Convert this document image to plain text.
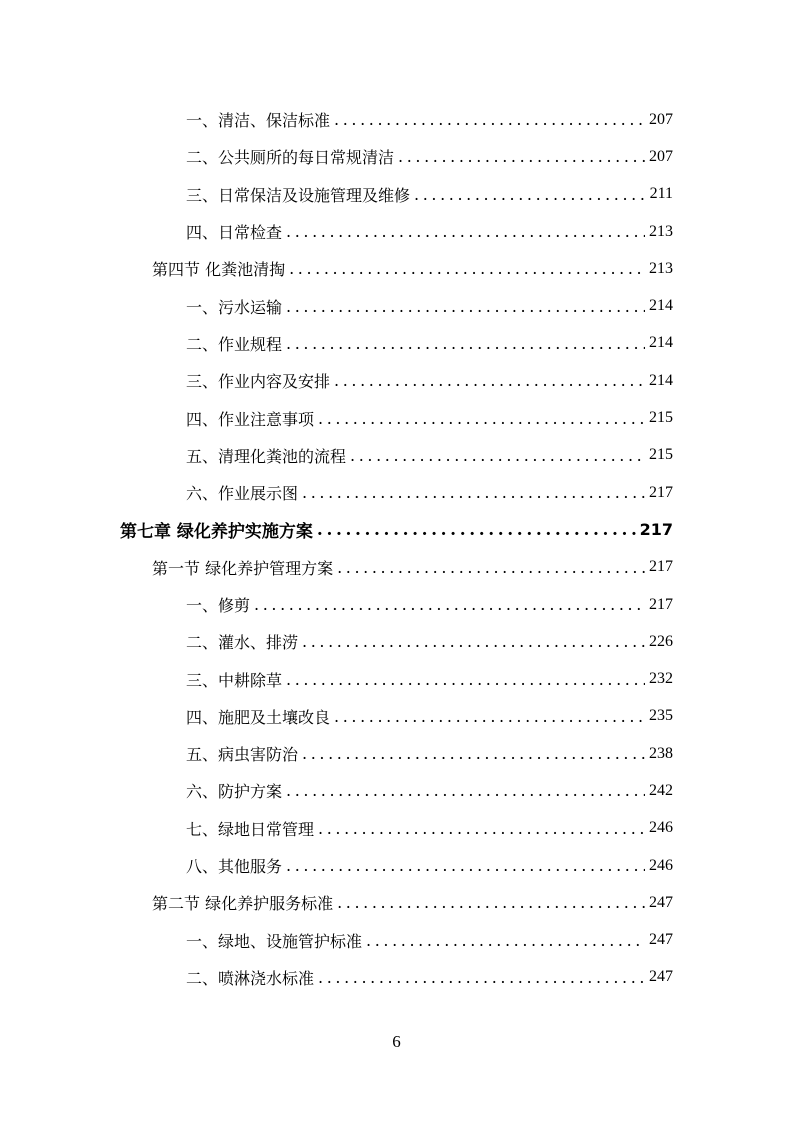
一、清洁、保洁标准 .....	207
二、公共厕所的每日常规清洁 .....	207
三、日常保洁及设施管理及维修 .....	211
四、日常检查 .....	213
第四节 化粪池清掏 .....	213
一、污水运输 .....	214
二、作业规程 .....	214
三、作业内容及安排 .....	214
四、作业注意事项 .....	215
五、清理化粪池的流程 .....	215
六、作业展示图 .....	217
第七章 绿化养护实施方案 .....	217
第一节 绿化养护管理方案 .....	217
一、修剪 .....	217
二、灌水、排涝 .....	226
三、中耕除草 .....	232
四、施肥及土壤改良 .....	235
五、病虫害防治 .....	238
六、防护方案 .....	242
七、绿地日常管理 .....	246
八、其他服务 .....	246
第二节 绿化养护服务标准 .....	247
一、绿地、设施管护标准 .....	247
二、喷淋浇水标准 .....	247
6
